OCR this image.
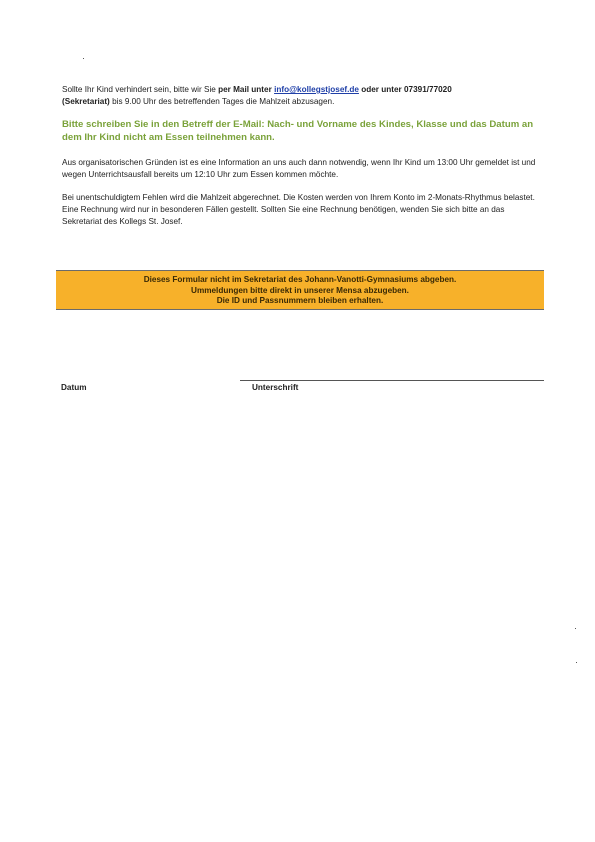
Sollte Ihr Kind verhindert sein, bitte wir Sie per Mail unter info@kollegstjosef.de oder unter 07391/77020
(Sekretariat) bis 9.00 Uhr des betreffenden Tages die Mahlzeit abzusagen.

Bitte schreiben Sie in den Betreff der E-Mail: Nach- und Vorname des Kindes, Klasse und das Datum an dem Ihr Kind nicht am Essen teilnehmen kann.

Aus organisatorischen Gründen ist es eine Information an uns auch dann notwendig, wenn Ihr Kind um 13:00 Uhr gemeldet ist und wegen Unterrichtsausfall bereits um 12:10 Uhr zum Essen kommen möchte.

Bei unentschuldigtem Fehlen wird die Mahlzeit abgerechnet. Die Kosten werden von Ihrem Konto im 2-Monats-Rhythmus belastet. Eine Rechnung wird nur in besonderen Fällen gestellt. Sollten Sie eine Rechnung benötigen, wenden Sie sich bitte an das Sekretariat des Kollegs St. Josef.

Dieses Formular nicht im Sekretariat des Johann-Vanotti-Gymnasiums abgeben.
Ummeldungen bitte direkt in unserer Mensa abzugeben.
Die ID und Passnummern bleiben erhalten.
Datum	Unterschrift
